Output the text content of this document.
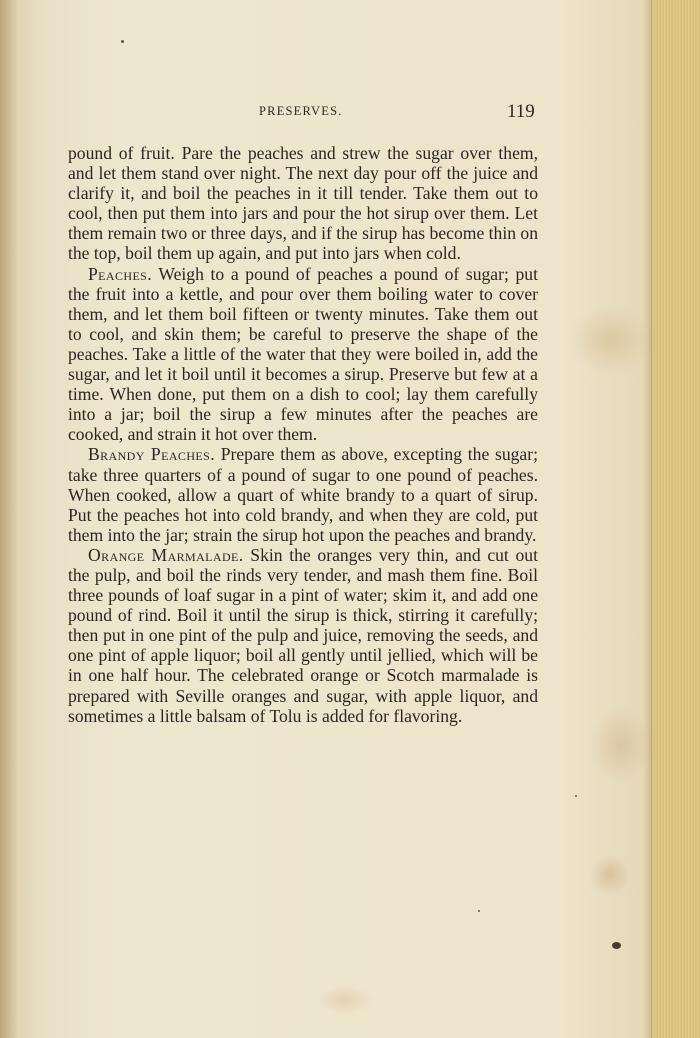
PRESERVES.	119

pound of fruit. Pare the peaches and strew the sugar over them, and let them stand over night. The next day pour off the juice and clarify it, and boil the peaches in it till tender. Take them out to cool, then put them into jars and pour the hot sirup over them. Let them remain two or three days, and if the sirup has become thin on the top, boil them up again, and put into jars when cold.

Peaches. Weigh to a pound of peaches a pound of sugar; put the fruit into a kettle, and pour over them boiling water to cover them, and let them boil fifteen or twenty minutes. Take them out to cool, and skin them; be careful to preserve the shape of the peaches. Take a little of the water that they were boiled in, add the sugar, and let it boil until it becomes a sirup. Preserve but few at a time. When done, put them on a dish to cool; lay them carefully into a jar; boil the sirup a few minutes after the peaches are cooked, and strain it hot over them.

Brandy Peaches. Prepare them as above, excepting the sugar; take three quarters of a pound of sugar to one pound of peaches. When cooked, allow a quart of white brandy to a quart of sirup. Put the peaches hot into cold brandy, and when they are cold, put them into the jar; strain the sirup hot upon the peaches and brandy.

Orange Marmalade. Skin the oranges very thin, and cut out the pulp, and boil the rinds very tender, and mash them fine. Boil three pounds of loaf sugar in a pint of water; skim it, and add one pound of rind. Boil it until the sirup is thick, stirring it carefully; then put in one pint of the pulp and juice, removing the seeds, and one pint of apple liquor; boil all gently until jellied, which will be in one half hour. The celebrated orange or Scotch marmalade is prepared with Seville oranges and sugar, with apple liquor, and sometimes a little balsam of Tolu is added for flavoring.
